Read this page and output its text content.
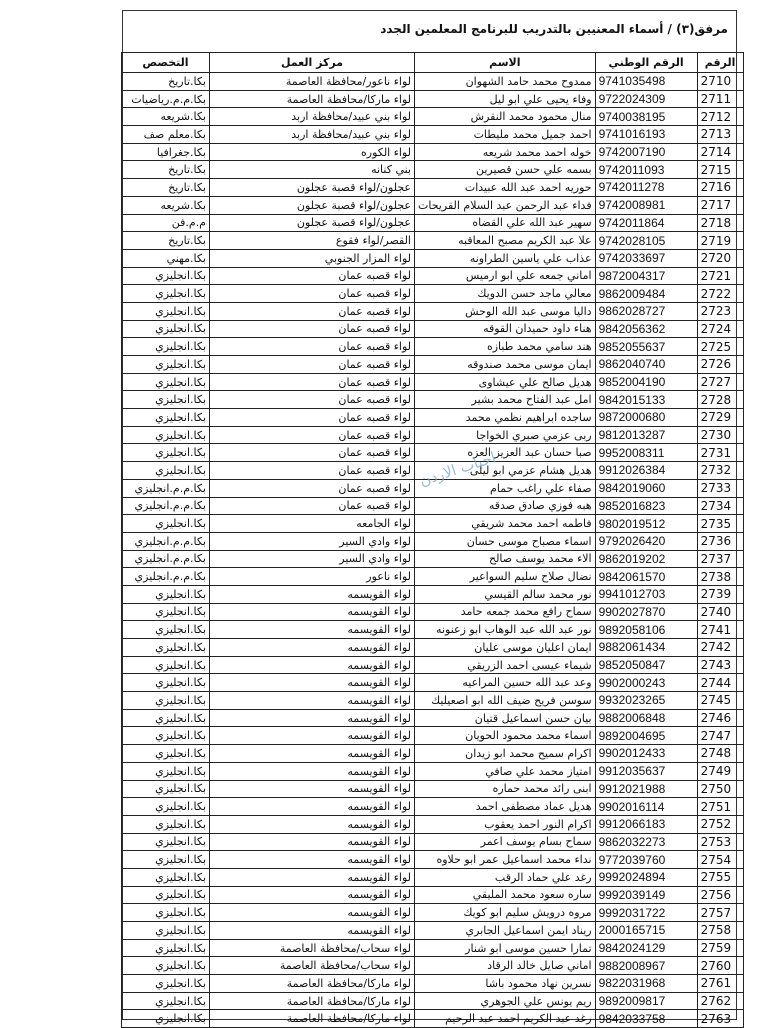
مرفق(٣) / أسماء المعنيين بالتدريب للبرنامج المعلمين الجدد
الرقم	الرقم الوطني	الاسم	مركز العمل	التخصص
2710	9741035498	ممدوح محمد حامد الشهوان	لواء ناعور/محافظة العاصمة	بكا.تاريخ
2711	9722024309	وفاء يحيى علي ابو ليل	لواء ماركا/محافظة العاصمة	بكا.م.م.رياضيات
2712	9740038195	منال محمود محمد النقرش	لواء بني عبيد/محافظة اربد	بكا.شريعه
2713	9741016193	احمد جميل محمد مليطات	لواء بني عبيد/محافظة اربد	بكا.معلم صف
2714	9742007190	خوله احمد محمد شريعه	لواء الكوره	بكا.جغرافيا
2715	9742011093	بسمه علي حسن قصيرين	بني كنانه	بكا.تاريخ
2716	9742011278	حوريه احمد عبد الله عبيدات	عجلون/لواء قصبة عجلون	بكا.تاريخ
2717	9742008981	فداء عبد الرحمن عبد السلام القريحات	عجلون/لواء قصبة عجلون	بكا.شريعه
2718	9742011864	سهير عبد الله علي القضاه	عجلون/لواء قصبة عجلون	م.م.فن
2719	9742028105	علا عبد الكريم مصبح المعاقبه	القصر/لواء فقوع	بكا.تاريخ
2720	9742033697	عذاب علي ياسين الطراونه	لواء المزار الجنوبي	بكا.مهني
2721	9872004317	اماني جمعه علي ابو ارميس	لواء قصبه عمان	بكا.انجليزي
2722	9862009484	معالي ماجد حسن الدويك	لواء قصبه عمان	بكا.انجليزي
2723	9862028727	داليا موسى عبد الله الوحش	لواء قصبه عمان	بكا.انجليزي
2724	9842056362	هناء داود حميدان القوقه	لواء قصبه عمان	بكا.انجليزي
2725	9852055637	هند سامي محمد طبازه	لواء قصبه عمان	بكا.انجليزي
2726	9862040740	ايمان موسى محمد صندوقه	لواء قصبه عمان	بكا.انجليزي
2727	9852004190	هديل صالح علي عيشاوى	لواء قصبه عمان	بكا.انجليزي
2728	9842015133	امل عبد الفتاح محمد بشير	لواء قصبه عمان	بكا.انجليزي
2729	9872000680	ساجده ابراهيم نظمي محمد	لواء قصبه عمان	بكا.انجليزي
2730	9812013287	ربى عزمي صبري الخواجا	لواء قصبه عمان	بكا.انجليزي
2731	9952008311	صبا حسان عبد العزيز العزه	لواء قصبه عمان	بكا.انجليزي
2732	9912026384	هديل هشام عزمي ابو ليلى	لواء قصبه عمان	بكا.انجليزي
2733	9842019060	صفاء علي راغب حمام	لواء قصبه عمان	بكا.م.م.انجليزي
2734	9852016823	هبه فوزي صادق صدقه	لواء قصبه عمان	بكا.م.م.انجليزي
2735	9802019512	فاطمه احمد محمد شريقي	لواء الجامعه	بكا.انجليزي
2736	9792026420	اسماء مصباح موسى حسان	لواء وادي السير	بكا.م.م.انجليزي
2737	9862019202	الاء محمد يوسف صالح	لواء وادي السير	بكا.م.م.انجليزي
2738	9842061570	نضال صلاح سليم السواعير	لواء ناعور	بكا.م.م.انجليزي
2739	9941012703	نور محمد سالم القيسي	لواء القويسمه	بكا.انجليزي
2740	9902027870	سماح رافع محمد جمعه حامد	لواء القويسمه	بكا.انجليزي
2741	9892058106	نور عبد الله عبد الوهاب ابو زعنونه	لواء القويسمه	بكا.انجليزي
2742	9882061434	ايمان اعليان موسى عليان	لواء القويسمه	بكا.انجليزي
2743	9852050847	شيماء عيسى احمد الزريقي	لواء القويسمه	بكا.انجليزي
2744	9902000243	وعد عبد الله حسين المراعيه	لواء القويسمه	بكا.انجليزي
2745	9932023265	سوسن فريح ضيف الله ابو اصعيليك	لواء القويسمه	بكا.انجليزي
2746	9882006848	بيان حسن اسماعيل قتيان	لواء القويسمه	بكا.انجليزي
2747	9892004695	اسماء محمد محمود الحويان	لواء القويسمه	بكا.انجليزي
2748	9902012433	اكرام سميح محمد ابو زيدان	لواء القويسمه	بكا.انجليزي
2749	9912035637	امتياز محمد علي صافي	لواء القويسمه	بكا.انجليزي
2750	9912021988	ابنى رائد محمد حماره	لواء القويسمه	بكا.انجليزي
2751	9902016114	هديل عماد مصطفى احمد	لواء القويسمه	بكا.انجليزي
2752	9912066183	اكرام النور احمد يعقوب	لواء القويسمه	بكا.انجليزي
2753	9862032273	سماح بسام يوسف اعمر	لواء القويسمه	بكا.انجليزي
2754	9772039760	نداء محمد اسماعيل عمر ابو حلاوه	لواء القويسمه	بكا.انجليزي
2755	9992024894	رغد علي حماد الرقب	لواء القويسمه	بكا.انجليزي
2756	9992039149	ساره سعود محمد المليقي	لواء القويسمه	بكا.انجليزي
2757	9992031722	مروه درويش سليم ابو كويك	لواء القويسمه	بكا.انجليزي
2758	2000165715	ريناد ايمن اسماعيل الجابري	لواء القويسمه	بكا.انجليزي
2759	9842024129	تمارا حسين موسى ابو شنار	لواء سحاب/محافظة العاصمة	بكا.انجليزي
2760	9882008967	اماني صايل خالد الرقاد	لواء سحاب/محافظة العاصمة	بكا.انجليزي
2761	9822031968	نسرين نهاد محمود باشا	لواء ماركا/محافظة العاصمة	بكا.انجليزي
2762	9892009817	ريم يونس علي الجوهري	لواء ماركا/محافظة العاصمة	بكا.انجليزي
2763	9842033758	رغد عبد الكريم احمد عبد الرحيم	لواء ماركا/محافظة العاصمة	بكا.انجليزي
احباب الاردن
